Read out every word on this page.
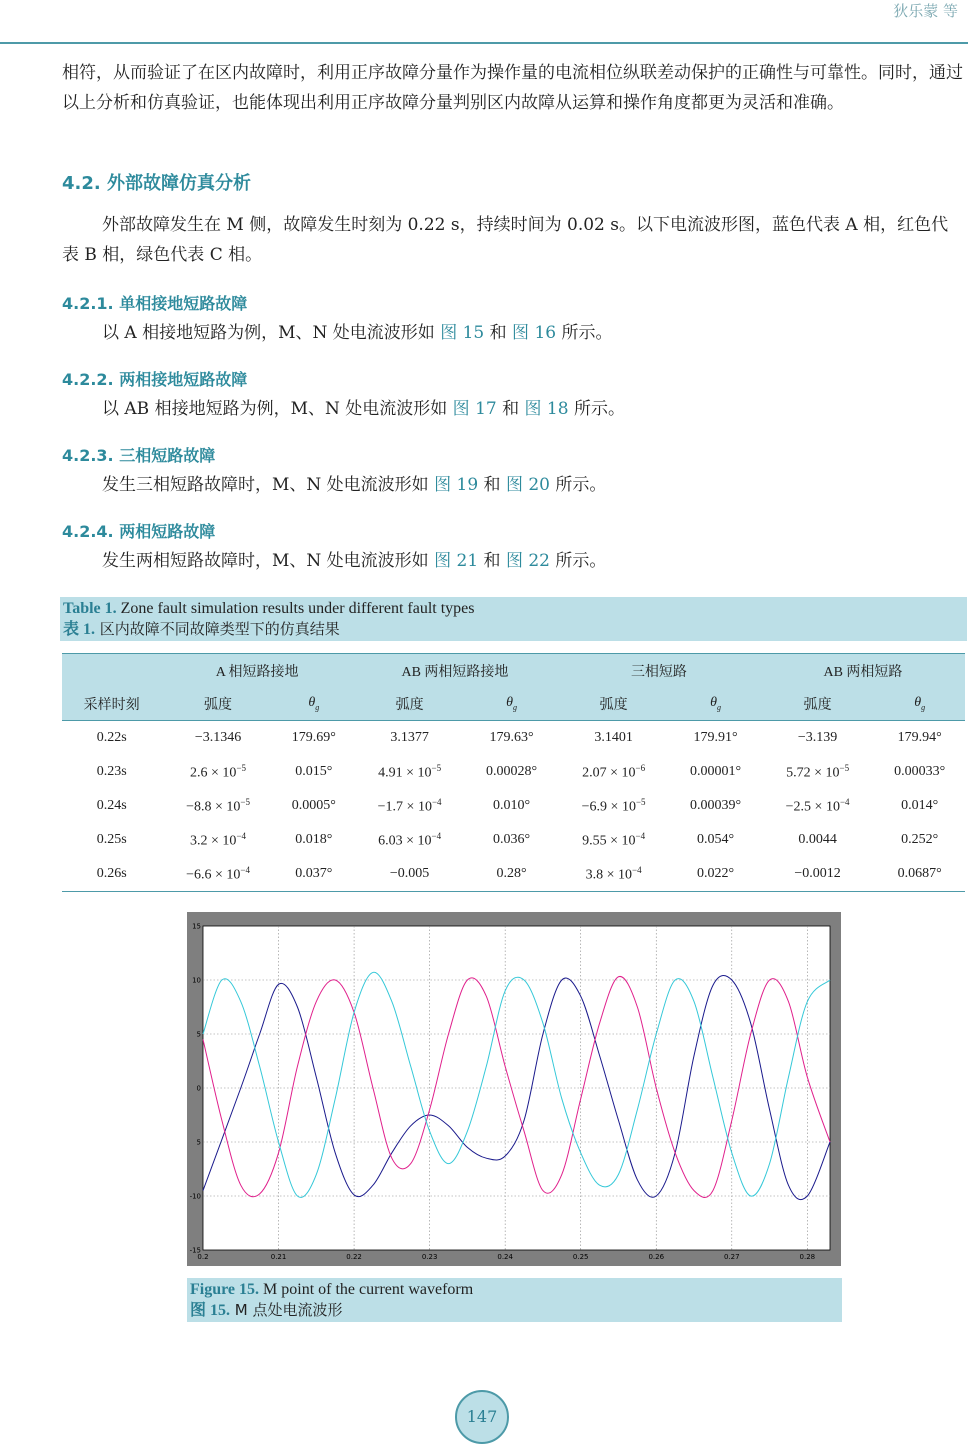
狄乐蒙 等

相符，从而验证了在区内故障时，利用正序故障分量作为操作量的电流相位纵联差动保护的正确性与可靠性。同时，通过以上分析和仿真验证，也能体现出利用正序故障分量判别区内故障从运算和操作角度都更为灵活和准确。

4.2. 外部故障仿真分析

外部故障发生在 M 侧，故障发生时刻为 0.22 s，持续时间为 0.02 s。以下电流波形图，蓝色代表 A 相，红色代表 B 相，绿色代表 C 相。

4.2.1. 单相接地短路故障

以 A 相接地短路为例，M、N 处电流波形如 图 15 和 图 16 所示。

4.2.2. 两相接地短路故障

以 AB 相接地短路为例，M、N 处电流波形如 图 17 和 图 18 所示。

4.2.3. 三相短路故障

发生三相短路故障时，M、N 处电流波形如 图 19 和 图 20 所示。

4.2.4. 两相短路故障

发生两相短路故障时，M、N 处电流波形如 图 21 和 图 22 所示。

Table 1. Zone fault simulation results under different fault types
表 1. 区内故障不同故障类型下的仿真结果
	A 相短路接地		AB 两相短路接地		三相短路		AB 两相短路	
采样时刻	弧度	$\theta_g$	弧度	$\theta_g$	弧度	$\theta_g$	弧度	$\theta_g$
0.22s	−3.1346	179.69°	3.1377	179.63°	3.1401	179.91°	−3.139	179.94°
0.23s	$2.6 \times 10^{-5}$	0.015°	$4.91 \times 10^{-5}$	0.00028°	$2.07 \times 10^{-6}$	0.00001°	$5.72 \times 10^{-5}$	0.00033°
0.24s	$-8.8 \times 10^{-5}$	0.0005°	$-1.7 \times 10^{-4}$	0.010°	$-6.9 \times 10^{-5}$	0.00039°	$-2.5 \times 10^{-4}$	0.014°
0.25s	$3.2 \times 10^{-4}$	0.018°	$6.03 \times 10^{-4}$	0.036°	$9.55 \times 10^{-4}$	0.054°	0.0044	0.252°
0.26s	$-6.6 \times 10^{-4}$	0.037°	−0.005	0.28°	$3.8 \times 10^{-4}$	0.022°	−0.0012	0.0687°
0.2	0.21	0.22	0.23	0.24	0.25	0.26	0.27	0.28
15
10
5
0
5
-10
-15
Figure 15. M point of the current waveform
图 15. M 点处电流波形
147
